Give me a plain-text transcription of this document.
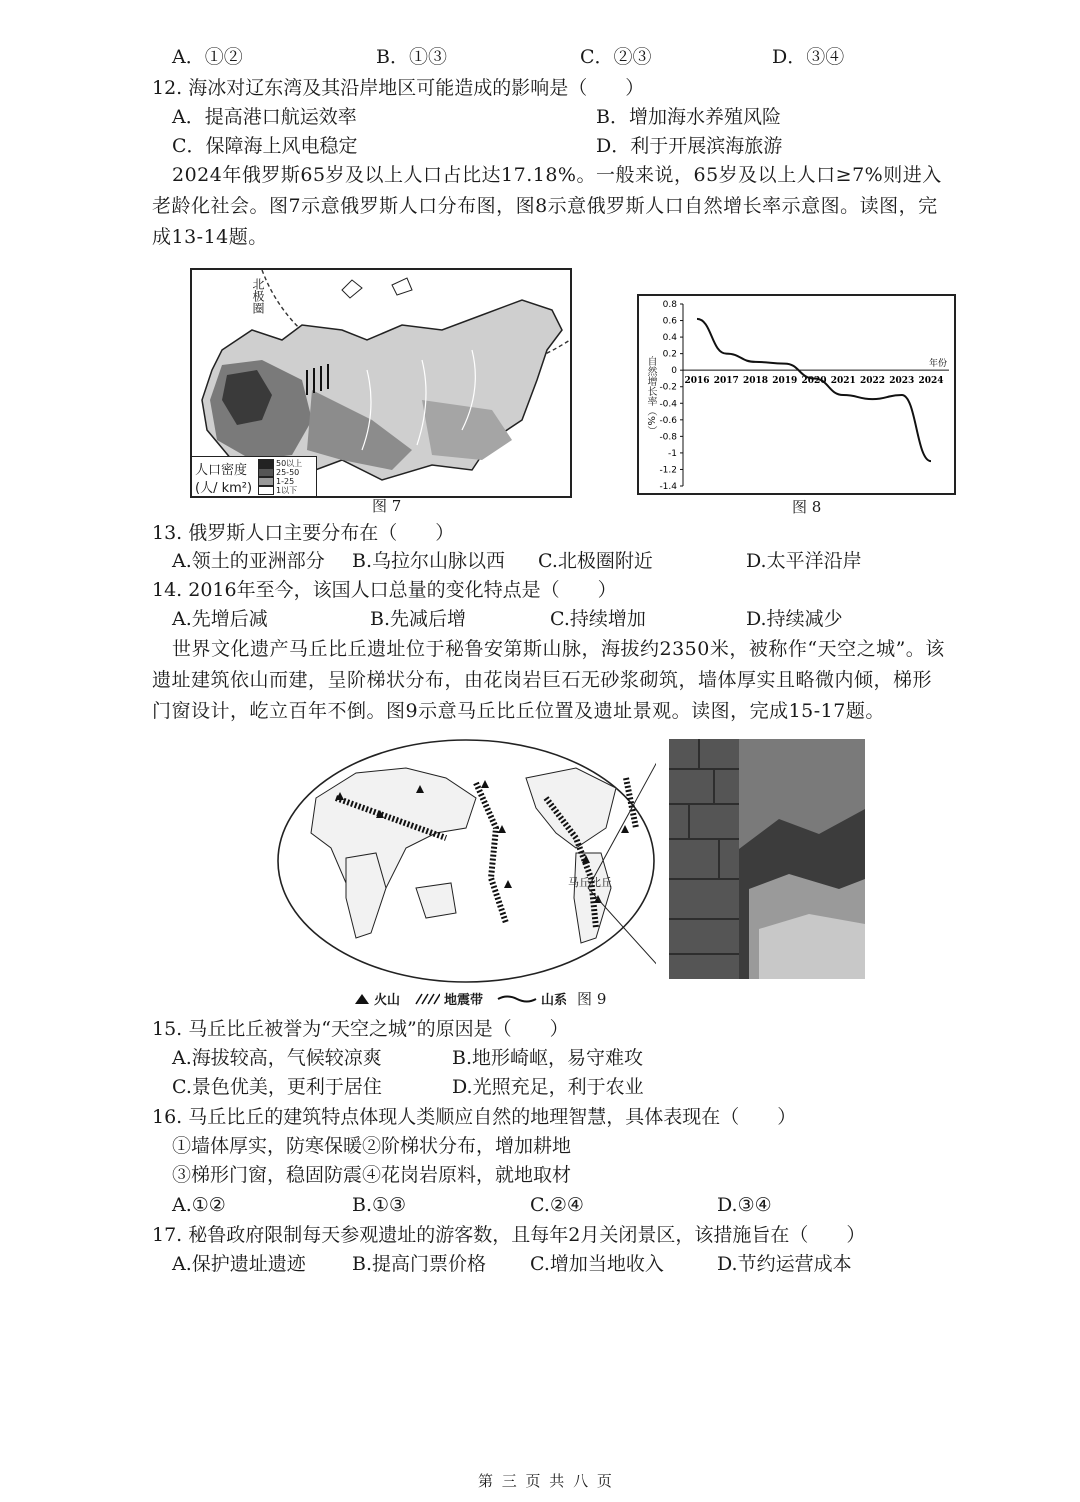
A．①②	B．①③	C．②③	D．③④
12. 海冰对辽东湾及其沿岸地区可能造成的影响是（　　）
A．提高港口航运效率	B．增加海水养殖风险
C．保障海上风电稳定	D．利于开展滨海旅游
2024年俄罗斯65岁及以上人口占比达17.18%。一般来说，65岁及以上人口≥7%则进入老龄化社会。图7示意俄罗斯人口分布图，图8示意俄罗斯人口自然增长率示意图。读图，完成13-14题。
北极圈
人口密度
(人/ km²)
50以上
25-50
1-25
1以下
图 7
0.8
0.6
0.4
0.2
0
-0.2
-0.4
-0.6
-0.8
-1
-1.2
-1.4
2016 2017 2018 2019 2020 2021 2022 2023 2024
年份
自然增长率（%）
图 8
13. 俄罗斯人口主要分布在（　　）
A.领土的亚洲部分 B.乌拉尔山脉以西 C.北极圈附近	D.太平洋沿岸
14. 2016年至今，该国人口总量的变化特点是（　　）
A.先增后减	B.先减后增	C.持续增加	D.持续减少
世界文化遗产马丘比丘遗址位于秘鲁安第斯山脉，海拔约2350米，被称作“天空之城”。该遗址建筑依山而建，呈阶梯状分布，由花岗岩巨石无砂浆砌筑，墙体厚实且略微内倾，梯形门窗设计，屹立百年不倒。图9示意马丘比丘位置及遗址景观。读图，完成15-17题。
马丘比丘
火山	地震带	山系 图 9
15. 马丘比丘被誉为“天空之城”的原因是（　　）
A.海拔较高，气候较凉爽	B.地形崎岖，易守难攻
C.景色优美，更利于居住	D.光照充足，利于农业
16. 马丘比丘的建筑特点体现人类顺应自然的地理智慧，具体表现在（　　）
①墙体厚实，防寒保暖②阶梯状分布，增加耕地
③梯形门窗，稳固防震④花岗岩原料，就地取材
A.①②	B.①③	C.②④	D.③④
17. 秘鲁政府限制每天参观遗址的游客数，且每年2月关闭景区，该措施旨在（　　）
A.保护遗址遗迹 B.提高门票价格 C.增加当地收入	D.节约运营成本
第 三 页 共 八 页
